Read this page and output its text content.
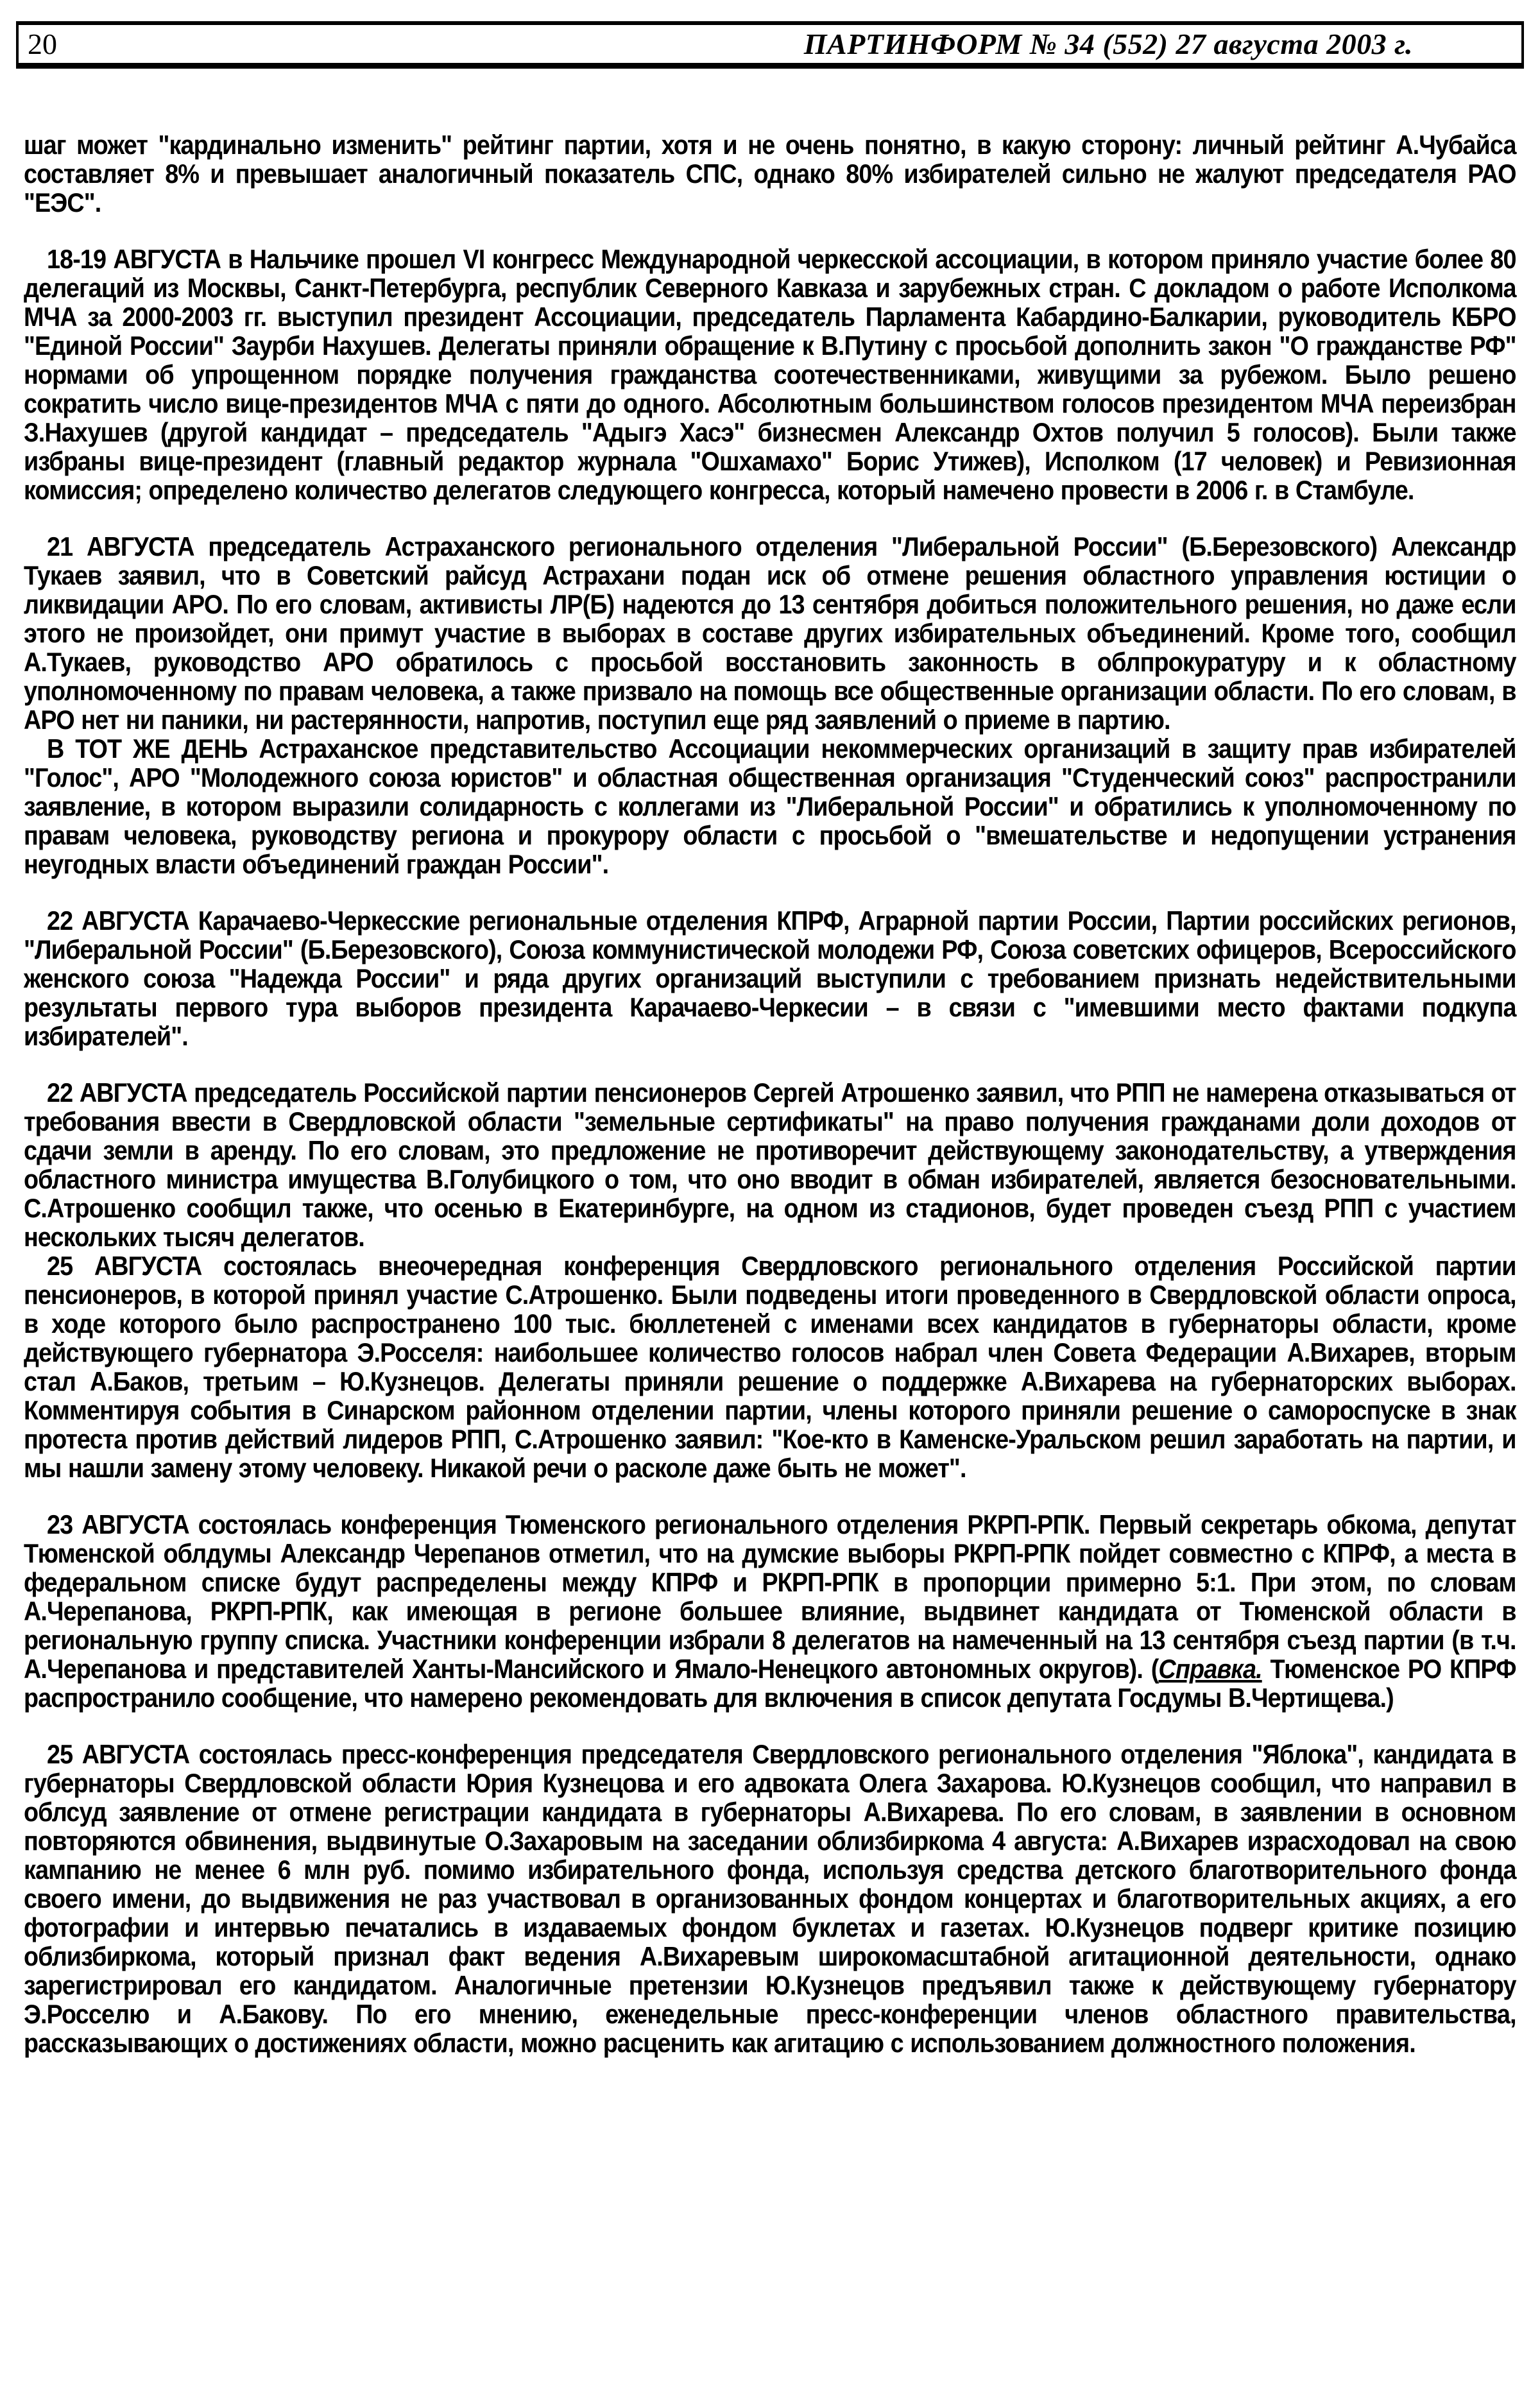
20	ПАРТИНФОРМ № 34 (552) 27 августа 2003 г.

шаг может "кардинально изменить" рейтинг партии, хотя и не очень понятно, в какую сторону: личный рейтинг А.Чубайса составляет 8% и превышает аналогичный показатель СПС, однако 80% избирателей сильно не жалуют председателя РАО "ЕЭС".

18-19 АВГУСТА в Нальчике прошел VI конгресс Международной черкесской ассоциации, в котором приняло участие более 80 делегаций из Москвы, Санкт-Петербурга, республик Северного Кавказа и зарубежных стран. С докладом о работе Исполкома МЧА за 2000-2003 гг. выступил президент Ассоциации, председатель Парламента Кабардино-Балкарии, руководитель КБРО "Единой России" Заурби Нахушев. Делегаты приняли обращение к В.Путину с просьбой дополнить закон "О гражданстве РФ" нормами об упрощенном порядке получения гражданства соотечественниками, живущими за рубежом. Было решено сократить число вице-президентов МЧА с пяти до одного. Абсолютным большинством голосов президентом МЧА переизбран З.Нахушев (другой кандидат – председатель "Адыгэ Хасэ" бизнесмен Александр Охтов получил 5 голосов). Были также избраны вице-президент (главный редактор журнала "Ошхамахо" Борис Утижев), Исполком (17 человек) и Ревизионная комиссия; определено количество делегатов следующего конгресса, который намечено провести в 2006 г. в Стамбуле.

21 АВГУСТА председатель Астраханского регионального отделения "Либеральной России" (Б.Березовского) Александр Тукаев заявил, что в Советский райсуд Астрахани подан иск об отмене решения областного управления юстиции о ликвидации АРО. По его словам, активисты ЛР(Б) надеются до 13 сентября добиться положительного решения, но даже если этого не произойдет, они примут участие в выборах в составе других избирательных объединений. Кроме того, сообщил А.Тукаев, руководство АРО обратилось с просьбой восстановить законность в облпрокуратуру и к областному уполномоченному по правам человека, а также призвало на помощь все общественные организации области. По его словам, в АРО нет ни паники, ни растерянности, напротив, поступил еще ряд заявлений о приеме в партию.

В ТОТ ЖЕ ДЕНЬ Астраханское представительство Ассоциации некоммерческих организаций в защиту прав избирателей "Голос", АРО "Молодежного союза юристов" и областная общественная организация "Студенческий союз" распространили заявление, в котором выразили солидарность с коллегами из "Либеральной России" и обратились к уполномоченному по правам человека, руководству региона и прокурору области с просьбой о "вмешательстве и недопущении устранения неугодных власти объединений граждан России".

22 АВГУСТА Карачаево-Черкесские региональные отделения КПРФ, Аграрной партии России, Партии российских регионов, "Либеральной России" (Б.Березовского), Союза коммунистической молодежи РФ, Союза советских офицеров, Всероссийского женского союза "Надежда России" и ряда других организаций выступили с требованием признать недействительными результаты первого тура выборов президента Карачаево-Черкесии – в связи с "имевшими место фактами подкупа избирателей".

22 АВГУСТА председатель Российской партии пенсионеров Сергей Атрошенко заявил, что РПП не намерена отказываться от требования ввести в Свердловской области "земельные сертификаты" на право получения гражданами доли доходов от сдачи земли в аренду. По его словам, это предложение не противоречит действующему законодательству, а утверждения областного министра имущества В.Голубицкого о том, что оно вводит в обман избирателей, является безосновательными. С.Атрошенко сообщил также, что осенью в Екатеринбурге, на одном из стадионов, будет проведен съезд РПП с участием нескольких тысяч делегатов.

25 АВГУСТА состоялась внеочередная конференция Свердловского регионального отделения Российской партии пенсионеров, в которой принял участие С.Атрошенко. Были подведены итоги проведенного в Свердловской области опроса, в ходе которого было распространено 100 тыс. бюллетеней с именами всех кандидатов в губернаторы области, кроме действующего губернатора Э.Росселя: наибольшее количество голосов набрал член Совета Федерации А.Вихарев, вторым стал А.Баков, третьим – Ю.Кузнецов. Делегаты приняли решение о поддержке А.Вихарева на губернаторских выборах. Комментируя события в Синарском районном отделении партии, члены которого приняли решение о самороспуске в знак протеста против действий лидеров РПП, С.Атрошенко заявил: "Кое-кто в Каменске-Уральском решил заработать на партии, и мы нашли замену этому человеку. Никакой речи о расколе даже быть не может".

23 АВГУСТА состоялась конференция Тюменского регионального отделения РКРП-РПК. Первый секретарь обкома, депутат Тюменской облдумы Александр Черепанов отметил, что на думские выборы РКРП-РПК пойдет совместно с КПРФ, а места в федеральном списке будут распределены между КПРФ и РКРП-РПК в пропорции примерно 5:1. При этом, по словам А.Черепанова, РКРП-РПК, как имеющая в регионе большее влияние, выдвинет кандидата от Тюменской области в региональную группу списка. Участники конференции избрали 8 делегатов на намеченный на 13 сентября съезд партии (в т.ч. А.Черепанова и представителей Ханты-Мансийского и Ямало-Ненецкого автономных округов). (Справка. Тюменское РО КПРФ распространило сообщение, что намерено рекомендовать для включения в список депутата Госдумы В.Чертищева.)

25 АВГУСТА состоялась пресс-конференция председателя Свердловского регионального отделения "Яблока", кандидата в губернаторы Свердловской области Юрия Кузнецова и его адвоката Олега Захарова. Ю.Кузнецов сообщил, что направил в облсуд заявление от отмене регистрации кандидата в губернаторы А.Вихарева. По его словам, в заявлении в основном повторяются обвинения, выдвинутые О.Захаровым на заседании облизбиркома 4 августа: А.Вихарев израсходовал на свою кампанию не менее 6 млн руб. помимо избирательного фонда, используя средства детского благотворительного фонда своего имени, до выдвижения не раз участвовал в организованных фондом концертах и благотворительных акциях, а его фотографии и интервью печатались в издаваемых фондом буклетах и газетах. Ю.Кузнецов подверг критике позицию облизбиркома, который признал факт ведения А.Вихаревым широкомасштабной агитационной деятельности, однако зарегистрировал его кандидатом. Аналогичные претензии Ю.Кузнецов предъявил также к действующему губернатору Э.Росселю и А.Бакову. По его мнению, еженедельные пресс-конференции членов областного правительства, рассказывающих о достижениях области, можно расценить как агитацию с использованием должностного положения.
